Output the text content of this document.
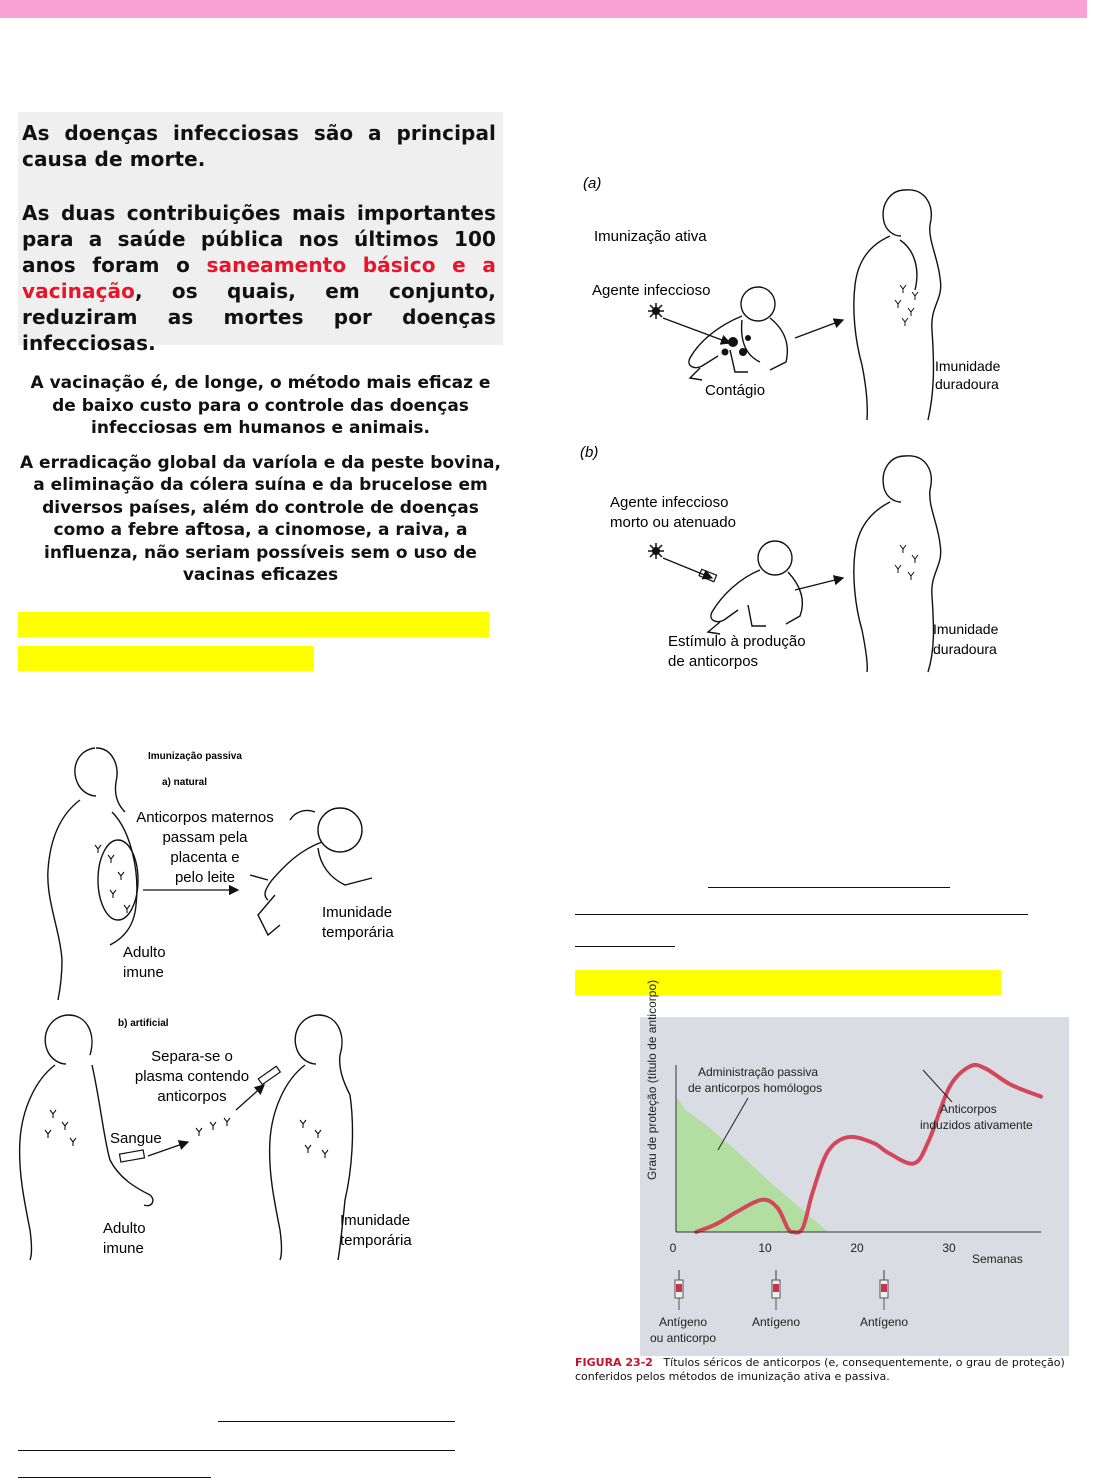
As doenças infecciosas são a principal causa de morte.

As duas contribuições mais importantes para a saúde pública nos últimos 100 anos foram o saneamento básico e a vacinação, os quais, em conjunto, reduziram as mortes por doenças infecciosas.

A vacinação é, de longe, o método mais eficaz e de baixo custo para o controle das doenças infecciosas em humanos e animais.

A erradicação global da varíola e da peste bovina, a eliminação da cólera suína e da brucelose em diversos países, além do controle de doenças como a febre aftosa, a cinomose, a raiva, a influenza, não seriam possíveis sem o uso de vacinas eficazes

(a)
Imunização ativa
Agente infeccioso
Contágio
Imunidade
duradoura
(b)
Agente infeccioso
morto ou atenuado
Estímulo à produção
de anticorpos
Imunidade
duradoura
Imunização passiva
a) natural
Anticorpos maternos
passam pela
placenta e
pelo leite
Imunidade
temporária
Adulto
imune
b) artificial
Separa-se o
plasma contendo
anticorpos
Sangue
Adulto
imune
Imunidade
temporária
Grau de proteção (título de anticorpo)
Semanas
0	10	20	30
Administração passiva
de anticorpos homólogos
Anticorpos
induzidos ativamente
Antígeno
ou anticorpo
Antígeno	Antígeno
FIGURA 23-2 Títulos séricos de anticorpos (e, consequentemente, o grau de proteção) conferidos pelos métodos de imunização ativa e passiva.
